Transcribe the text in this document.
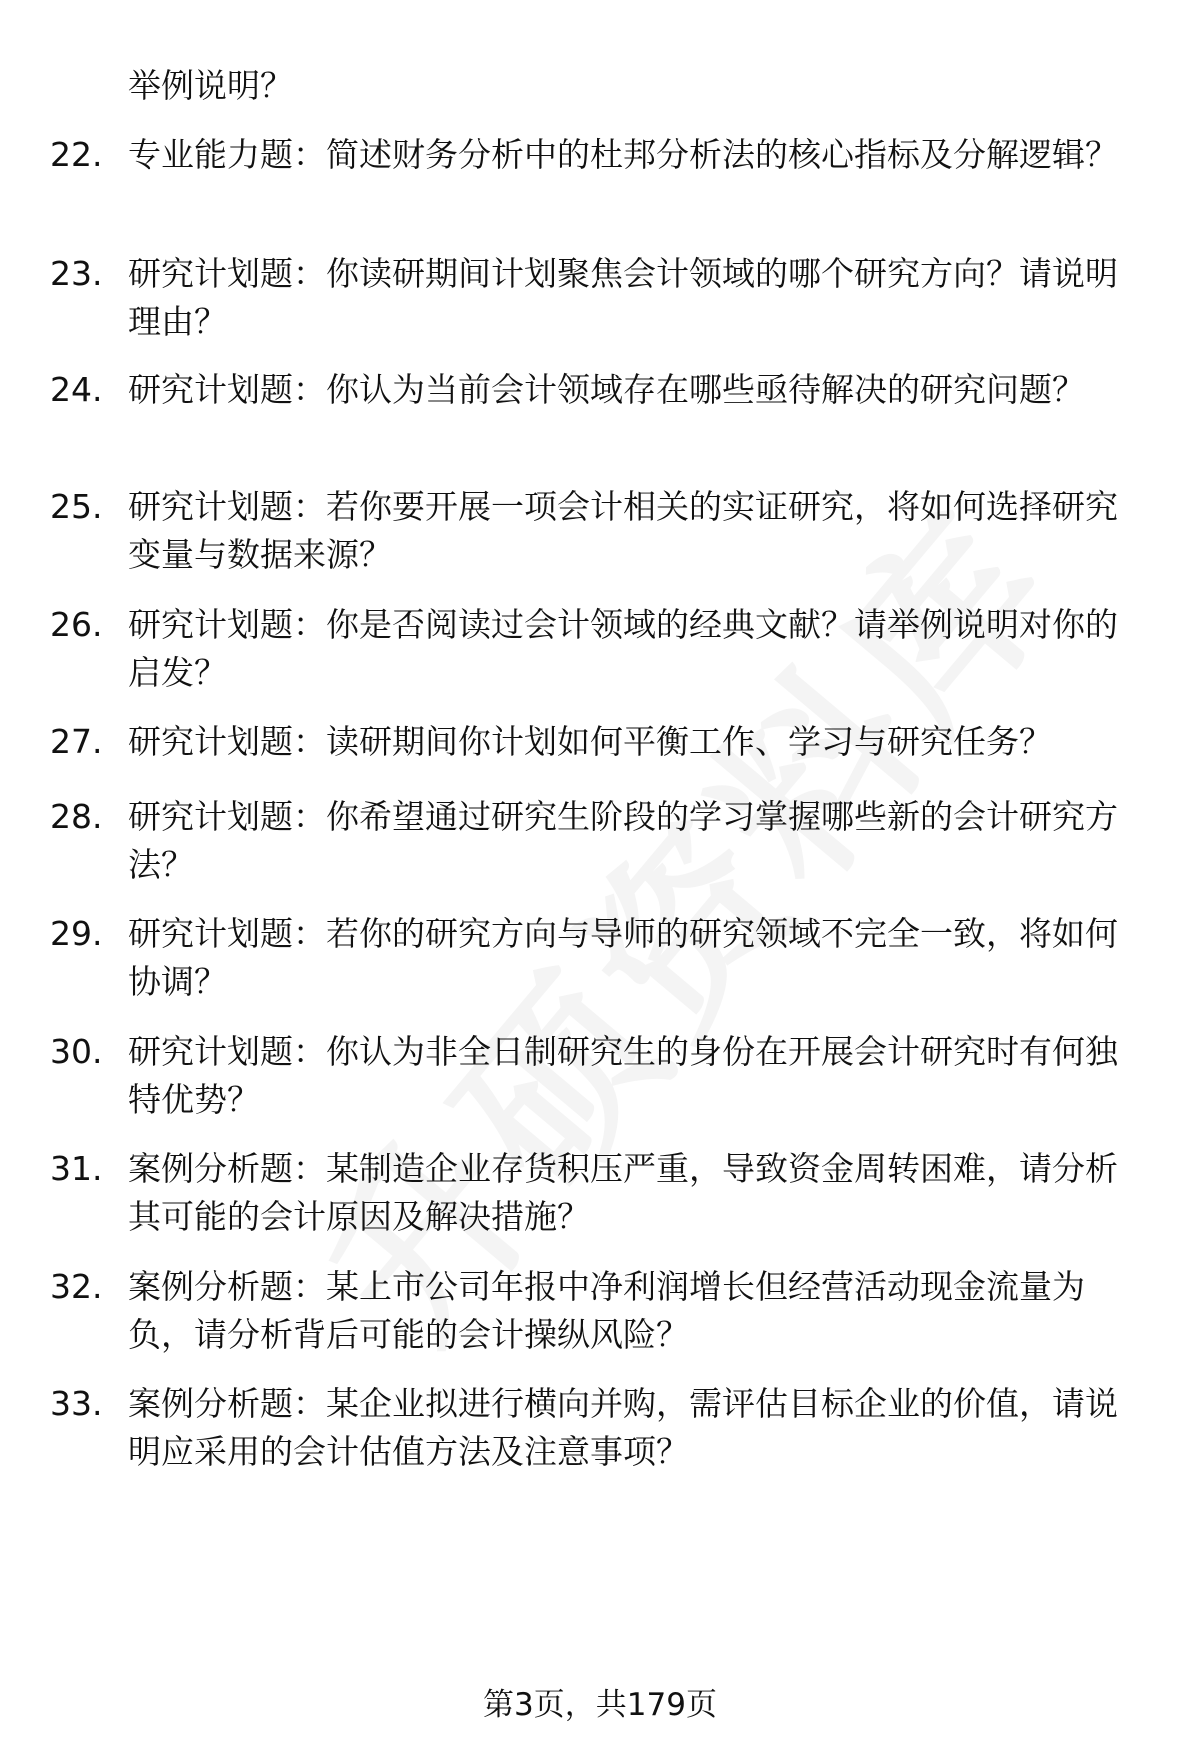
举例说明？
22. 专业能力题：简述财务分析中的杜邦分析法的核心指标及分解逻辑？
23. 研究计划题：你读研期间计划聚焦会计领域的哪个研究方向？请说明理由？
24. 研究计划题：你认为当前会计领域存在哪些亟待解决的研究问题？
25. 研究计划题：若你要开展一项会计相关的实证研究，将如何选择研究变量与数据来源？
26. 研究计划题：你是否阅读过会计领域的经典文献？请举例说明对你的启发？
27. 研究计划题：读研期间你计划如何平衡工作、学习与研究任务？
28. 研究计划题：你希望通过研究生阶段的学习掌握哪些新的会计研究方法？
29. 研究计划题：若你的研究方向与导师的研究领域不完全一致，将如何协调？
30. 研究计划题：你认为非全日制研究生的身份在开展会计研究时有何独特优势？
31. 案例分析题：某制造企业存货积压严重，导致资金周转困难，请分析其可能的会计原因及解决措施？
32. 案例分析题：某上市公司年报中净利润增长但经营活动现金流量为负，请分析背后可能的会计操纵风险？
33. 案例分析题：某企业拟进行横向并购，需评估目标企业的价值，请说明应采用的会计估值方法及注意事项？
第3页，共179页
